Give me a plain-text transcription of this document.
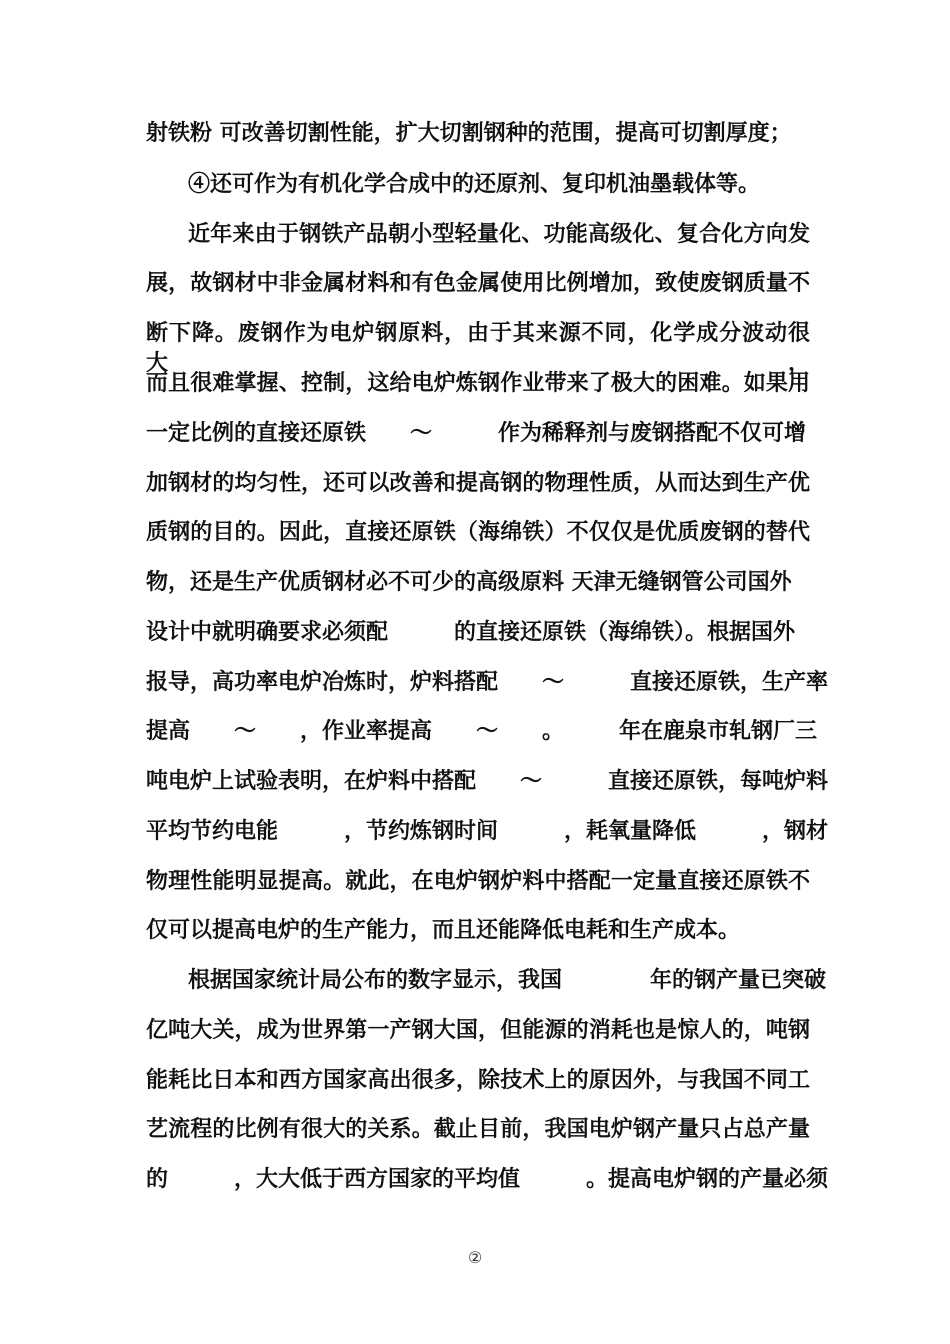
射铁粉 可改善切割性能，扩大切割钢种的范围，提高可切割厚度；
④还可作为有机化学合成中的还原剂、复印机油墨载体等。
近年来由于钢铁产品朝小型轻量化、功能高级化、复合化方向发
展，故钢材中非金属材料和有色金属使用比例增加，致使废钢质量不
断下降。废钢作为电炉钢原料，由于其来源不同，化学成分波动很大，
而且很难掌握、控制，这给电炉炼钢作业带来了极大的困难。如果用
一定比例的直接还原铁　　～　　　作为稀释剂与废钢搭配不仅可增
加钢材的均匀性，还可以改善和提高钢的物理性质，从而达到生产优
质钢的目的。因此，直接还原铁（海绵铁）不仅仅是优质废钢的替代
物，还是生产优质钢材必不可少的高级原料 天津无缝钢管公司国外
设计中就明确要求必须配　　　的直接还原铁（海绵铁）。根据国外
报导，高功率电炉冶炼时，炉料搭配　　～　　　直接还原铁，生产率
提高　　～　　，作业率提高　　～　　。　　　年在鹿泉市轧钢厂三
吨电炉上试验表明，在炉料中搭配　　～　　　直接还原铁，每吨炉料
平均节约电能　　　，节约炼钢时间　　　，耗氧量降低　　　，钢材
物理性能明显提高。就此，在电炉钢炉料中搭配一定量直接还原铁不
仅可以提高电炉的生产能力，而且还能降低电耗和生产成本。
根据国家统计局公布的数字显示，我国　　　　年的钢产量已突破
亿吨大关，成为世界第一产钢大国，但能源的消耗也是惊人的，吨钢
能耗比日本和西方国家高出很多，除技术上的原因外，与我国不同工
艺流程的比例有很大的关系。截止目前，我国电炉钢产量只占总产量
的　　　，大大低于西方国家的平均值　　　。提高电炉钢的产量必须
②
